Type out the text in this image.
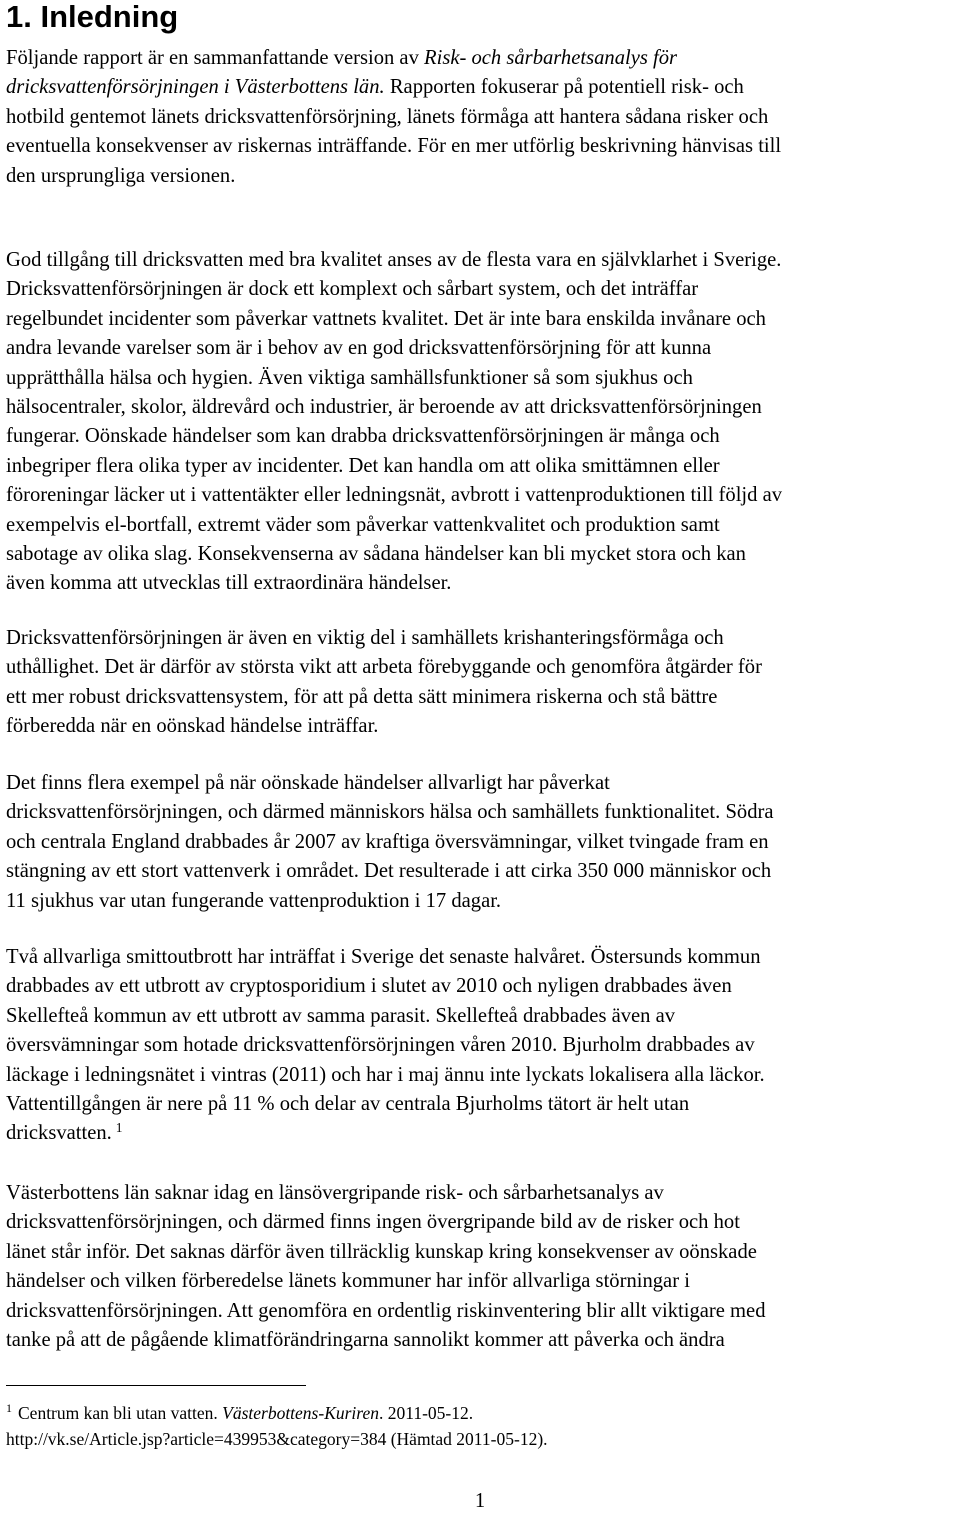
1. Inledning
Följande rapport är en sammanfattande version av Risk- och sårbarhetsanalys för
dricksvattenförsörjningen i Västerbottens län. Rapporten fokuserar på potentiell risk- och
hotbild gentemot länets dricksvattenförsörjning, länets förmåga att hantera sådana risker och
eventuella konsekvenser av riskernas inträffande. För en mer utförlig beskrivning hänvisas till
den ursprungliga versionen.
God tillgång till dricksvatten med bra kvalitet anses av de flesta vara en självklarhet i Sverige.
Dricksvattenförsörjningen är dock ett komplext och sårbart system, och det inträffar
regelbundet incidenter som påverkar vattnets kvalitet. Det är inte bara enskilda invånare och
andra levande varelser som är i behov av en god dricksvattenförsörjning för att kunna
upprätthålla hälsa och hygien. Även viktiga samhällsfunktioner så som sjukhus och
hälsocentraler, skolor, äldrevård och industrier, är beroende av att dricksvattenförsörjningen
fungerar. Oönskade händelser som kan drabba dricksvattenförsörjningen är många och
inbegriper flera olika typer av incidenter. Det kan handla om att olika smittämnen eller
föroreningar läcker ut i vattentäkter eller ledningsnät, avbrott i vattenproduktionen till följd av
exempelvis el-bortfall, extremt väder som påverkar vattenkvalitet och produktion samt
sabotage av olika slag. Konsekvenserna av sådana händelser kan bli mycket stora och kan
även komma att utvecklas till extraordinära händelser.
Dricksvattenförsörjningen är även en viktig del i samhällets krishanteringsförmåga och
uthållighet. Det är därför av största vikt att arbeta förebyggande och genomföra åtgärder för
ett mer robust dricksvattensystem, för att på detta sätt minimera riskerna och stå bättre
förberedda när en oönskad händelse inträffar.
Det finns flera exempel på när oönskade händelser allvarligt har påverkat
dricksvattenförsörjningen, och därmed människors hälsa och samhällets funktionalitet. Södra
och centrala England drabbades år 2007 av kraftiga översvämningar, vilket tvingade fram en
stängning av ett stort vattenverk i området. Det resulterade i att cirka 350 000 människor och
11 sjukhus var utan fungerande vattenproduktion i 17 dagar.
Två allvarliga smittoutbrott har inträffat i Sverige det senaste halvåret. Östersunds kommun
drabbades av ett utbrott av cryptosporidium i slutet av 2010 och nyligen drabbades även
Skellefteå kommun av ett utbrott av samma parasit. Skellefteå drabbades även av
översvämningar som hotade dricksvattenförsörjningen våren 2010. Bjurholm drabbades av
läckage i ledningsnätet i vintras (2011) och har i maj ännu inte lyckats lokalisera alla läckor.
Vattentillgången är nere på 11 % och delar av centrala Bjurholms tätort är helt utan
dricksvatten. $^1$
Västerbottens län saknar idag en länsövergripande risk- och sårbarhetsanalys av
dricksvattenförsörjningen, och därmed finns ingen övergripande bild av de risker och hot
länet står inför. Det saknas därför även tillräcklig kunskap kring konsekvenser av oönskade
händelser och vilken förberedelse länets kommuner har inför allvarliga störningar i
dricksvattenförsörjningen. Att genomföra en ordentlig riskinventering blir allt viktigare med
tanke på att de pågående klimatförändringarna sannolikt kommer att påverka och ändra
$^1$ Centrum kan bli utan vatten. Västerbottens-Kuriren. 2011-05-12.
http://vk.se/Article.jsp?article=439953&category=384 (Hämtad 2011-05-12).
1
